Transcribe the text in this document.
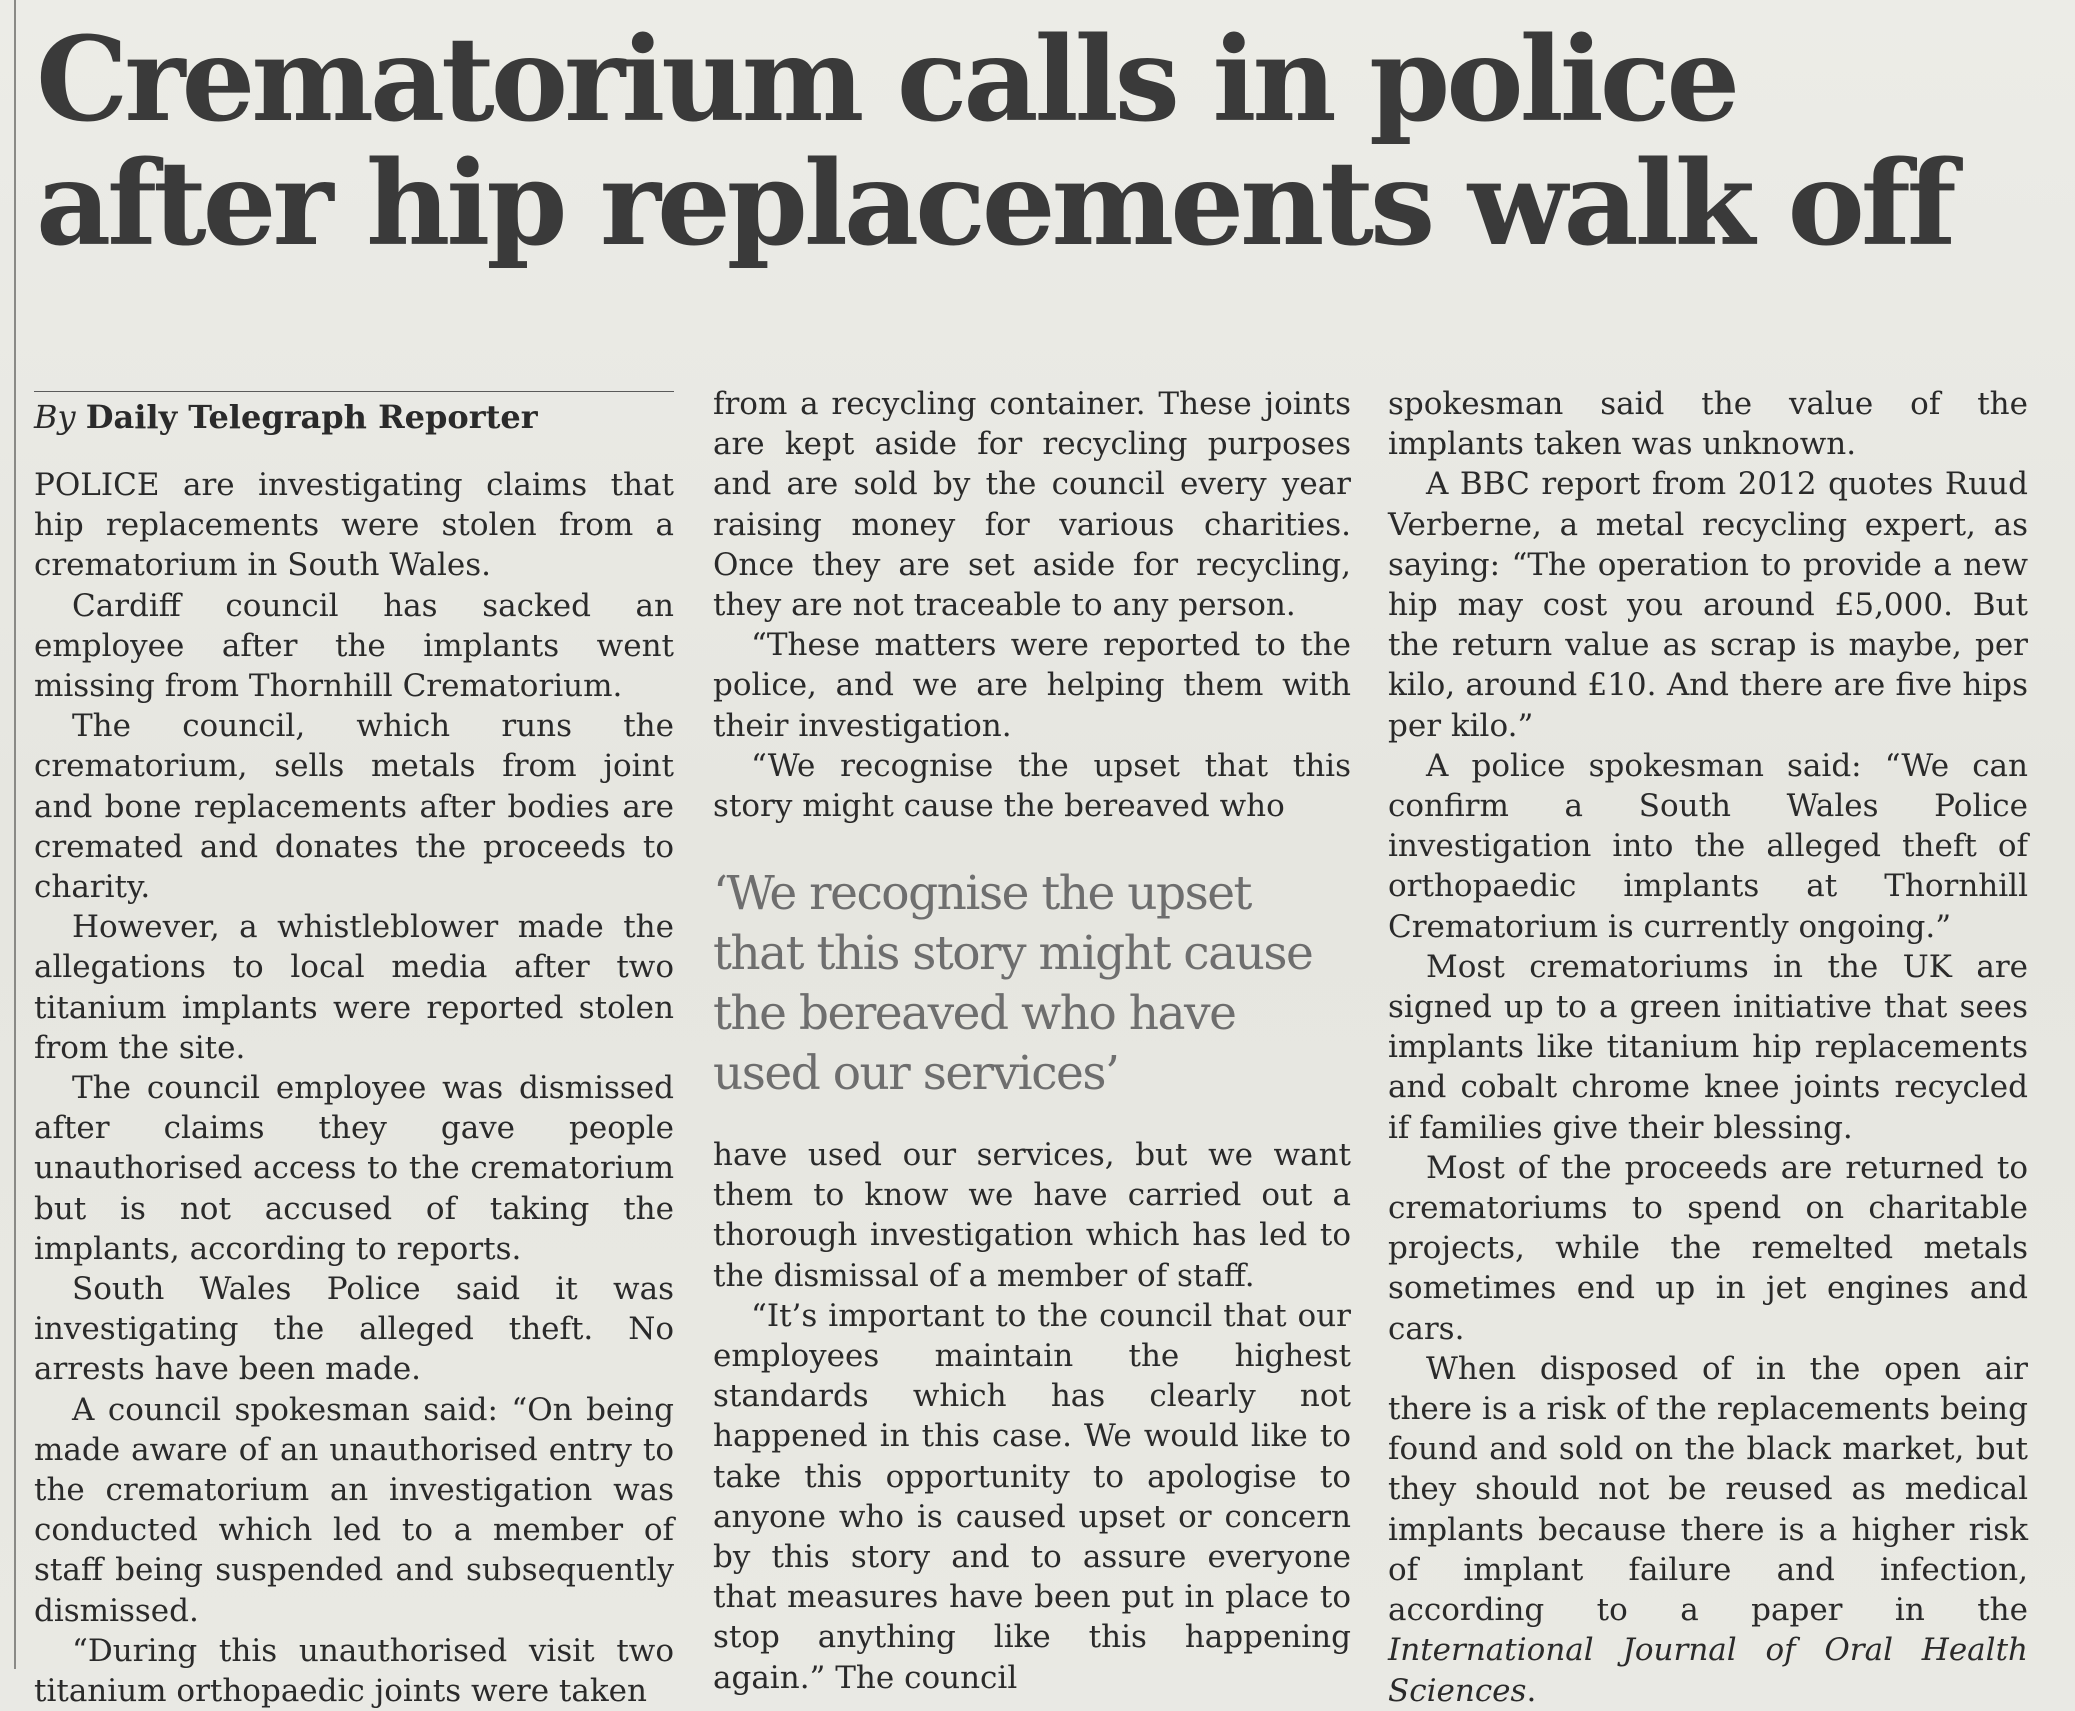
Crematorium calls in police
after hip replacements walk off
By Daily Telegraph Reporter

POLICE are investigating claims that hip replacements were stolen from a crematorium in South Wales.

Cardiff council has sacked an employee after the implants went missing from Thornhill Crematorium.

The council, which runs the crematorium, sells metals from joint and bone replacements after bodies are cremated and donates the proceeds to charity.

However, a whistleblower made the allegations to local media after two titanium implants were reported stolen from the site.

The council employee was dismissed after claims they gave people unauthorised access to the crematorium but is not accused of taking the implants, according to reports.

South Wales Police said it was investigating the alleged theft. No arrests have been made.

A council spokesman said: “On being made aware of an unauthorised entry to the crematorium an investigation was conducted which led to a member of staff being suspended and subsequently dismissed.

“During this unauthorised visit two titanium orthopaedic joints were taken

from a recycling container. These joints are kept aside for recycling purposes and are sold by the council every year raising money for various charities. Once they are set aside for recycling, they are not traceable to any person.

“These matters were reported to the police, and we are helping them with their investigation.

“We recognise the upset that this story might cause the bereaved who

‘We recognise the upset that this story might cause the bereaved who have used our services’

have used our services, but we want them to know we have carried out a thorough investigation which has led to the dismissal of a member of staff.

“It’s important to the council that our employees maintain the highest standards which has clearly not happened in this case. We would like to take this opportunity to apologise to anyone who is caused upset or concern by this story and to assure everyone that measures have been put in place to stop anything like this happening again.” The council

spokesman said the value of the implants taken was unknown.

A BBC report from 2012 quotes Ruud Verberne, a metal recycling expert, as saying: “The operation to provide a new hip may cost you around £5,000. But the return value as scrap is maybe, per kilo, around £10. And there are five hips per kilo.”

A police spokesman said: “We can confirm a South Wales Police investigation into the alleged theft of orthopaedic implants at Thornhill Crematorium is currently ongoing.”

Most crematoriums in the UK are signed up to a green initiative that sees implants like titanium hip replacements and cobalt chrome knee joints recycled if families give their blessing.

Most of the proceeds are returned to crematoriums to spend on charitable projects, while the remelted metals sometimes end up in jet engines and cars.

When disposed of in the open air there is a risk of the replacements being found and sold on the black market, but they should not be reused as medical implants because there is a higher risk of implant failure and infection, according to a paper in the International Journal of Oral Health Sciences.
